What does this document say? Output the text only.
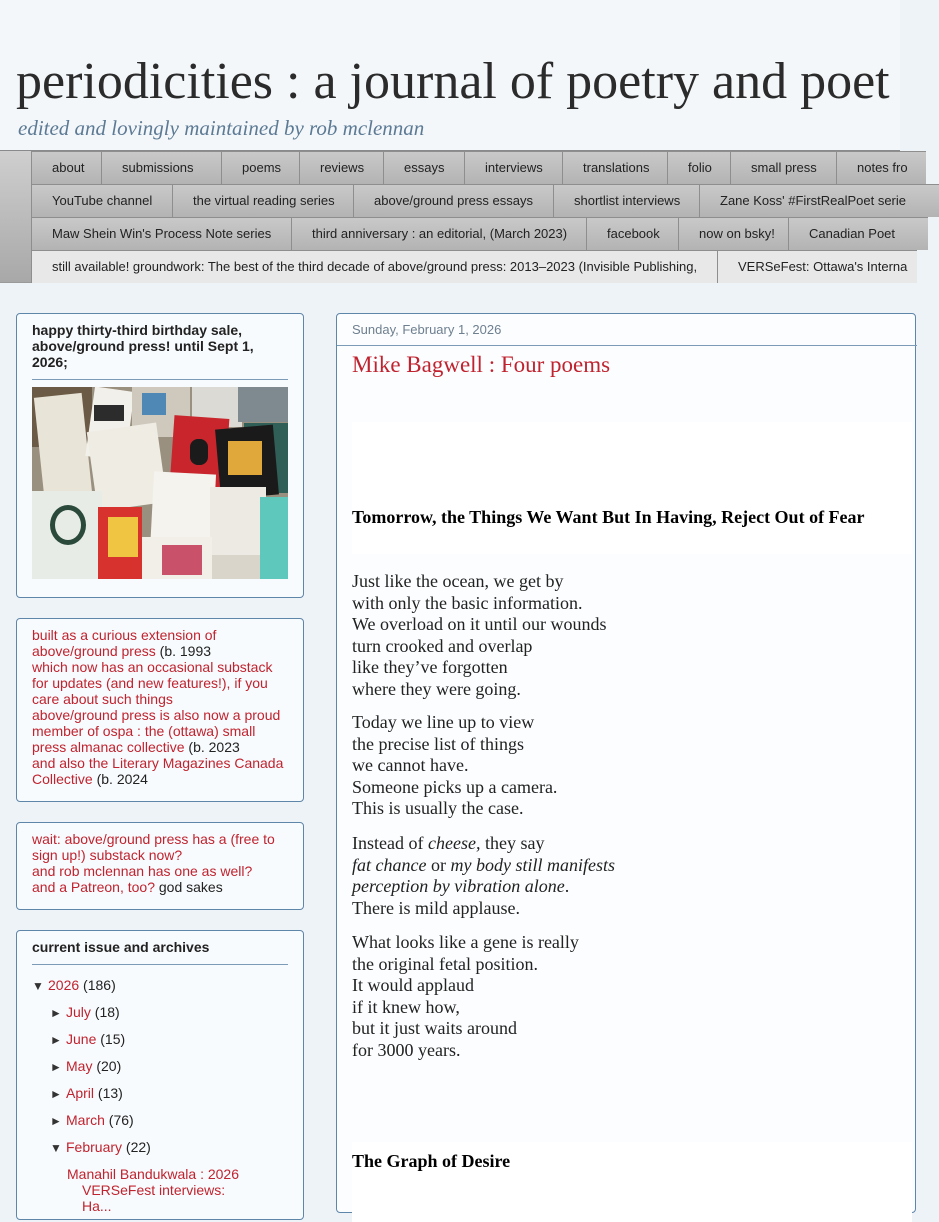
periodicities : a journal of poetry and poet
edited and lovingly maintained by rob mclennan
about	submissions	poems	reviews	essays	interviews	translations	folio	small press	notes fro
YouTube channel	the virtual reading series	above/ground press essays	shortlist interviews	Zane Koss' #FirstRealPoet serie
Maw Shein Win's Process Note series	third anniversary : an editorial, (March 2023)	facebook	now on bsky!	Canadian Poet
still available! groundwork: The best of the third decade of above/ground press: 2013–2023 (Invisible Publishing,	VERSeFest: Ottawa's Interna
happy thirty-third birthday sale, above/ground press! until Sept 1, 2026;
built as a curious extension of above/ground press (b. 1993
which now has an occasional substack for updates (and new features!), if you care about such things
above/ground press is also now a proud member of ospa : the (ottawa) small press almanac collective (b. 2023
and also the Literary Magazines Canada Collective (b. 2024
wait: above/ground press has a (free to sign up!) substack now?
and rob mclennan has one as well?
and a Patreon, too? god sakes
current issue and archives
▼ 2026 (186)
► July (18)
► June (15)
► May (20)
► April (13)
► March (76)
▼ February (22)
Manahil Bandukwala : 2026
VERSeFest interviews:
Ha...
Sunday, February 1, 2026
Mike Bagwell : Four poems
Tomorrow, the Things We Want But In Having, Reject Out of Fear
Just like the ocean, we get by
with only the basic information.
We overload on it until our wounds
turn crooked and overlap
like they’ve forgotten
where they were going.
Today we line up to view
the precise list of things
we cannot have.
Someone picks up a camera.
This is usually the case.
Instead of cheese, they say
fat chance or my body still manifests
perception by vibration alone.
There is mild applause.
What looks like a gene is really
the original fetal position.
It would applaud
if it knew how,
but it just waits around
for 3000 years.
The Graph of Desire
